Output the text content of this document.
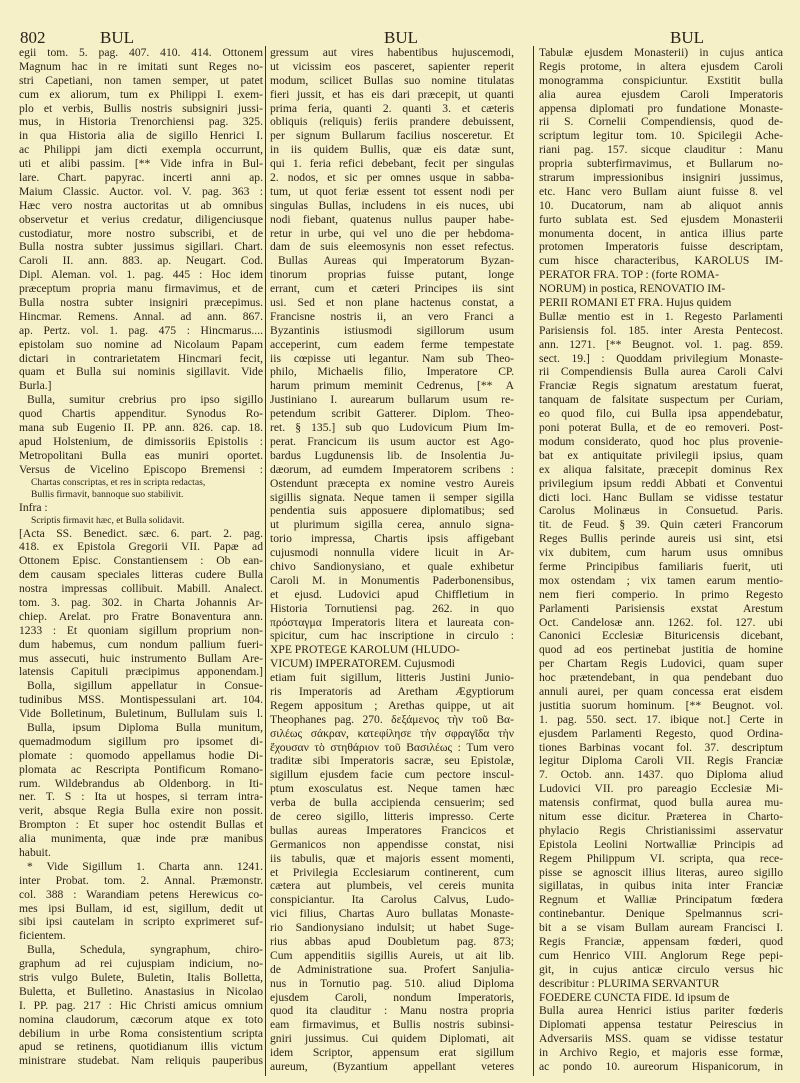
802	BUL	BUL	BUL
egii tom. 5. pag. 407. 410. 414. Ottonem
Magnum hac in re imitati sunt Reges no-
stri Capetiani, non tamen semper, ut patet
cum ex aliorum, tum ex Philippi I. exem-
plo et verbis, Bullis nostris subsigniri jussi-
mus, in Historia Trenorchiensi pag. 325.
in qua Historia alia de sigillo Henrici I.
ac Philippi jam dicti exempla occurrunt,
uti et alibi passim. [** Vide infra in Bul-
lare. Chart. papyrac. incerti anni ap.
Maium Classic. Auctor. vol. V. pag. 363 :
Hæc vero nostra auctoritas ut ab omnibus
observetur et verius credatur, diligenciusque
custodiatur, more nostro subscribi, et de
Bulla nostra subter jussimus sigillari. Chart.
Caroli II. ann. 883. ap. Neugart. Cod.
Dipl. Aleman. vol. 1. pag. 445 : Hoc idem
præceptum propria manu firmavimus, et de
Bulla nostra subter insigniri præcepimus.
Hincmar. Remens. Annal. ad ann. 867.
ap. Pertz. vol. 1. pag. 475 : Hincmarus....
epistolam suo nomine ad Nicolaum Papam
dictari in contrarietatem Hincmari fecit,
quam et Bulla sui nominis sigillavit. Vide
Burla.]
Bulla, sumitur crebrius pro ipso sigillo
quod Chartis appenditur. Synodus Ro-
mana sub Eugenio II. PP. ann. 826. cap. 18.
apud Holstenium, de dimissoriis Epistolis :
Metropolitani Bulla eas muniri oportet.
Versus de Vicelino Episcopo Bremensi :
Chartas conscriptas, et res in scripta redactas,
Bullis firmavit, bannoque suo stabilivit.
Infra :
Scriptis firmavit hæc, et Bulla solidavit.
[Acta SS. Benedict. sæc. 6. part. 2. pag.
418. ex Epistola Gregorii VII. Papæ ad
Ottonem Episc. Constantiensem : Ob ean-
dem causam speciales litteras cudere Bulla
nostra impressas collibuit. Mabill. Analect.
tom. 3. pag. 302. in Charta Johannis Ar-
chiep. Arelat. pro Fratre Bonaventura ann.
1233 : Et quoniam sigillum proprium non-
dum habemus, cum nondum pallium fueri-
mus assecuti, huic instrumento Bullam Are-
latensis Capituli præcipimus apponendam.]
Bolla, sigillum appellatur in Consue-
tudinibus MSS. Montispessulani art. 104.
Vide Bolletinum, Buletinum, Bullulam suis l.
Bulla, ipsum Diploma Bulla munitum,
quemadmodum sigillum pro ipsomet di-
plomate : quomodo appellamus hodie Di-
plomata ac Rescripta Pontificum Romano-
rum. Wildebrandus ab Oldenborg. in Iti-
ner. T. S : Ita ut hospes, si terram intra-
verit, absque Regia Bulla exire non possit.
Brompton : Et super hoc ostendit Bullas et
alia munimenta, quæ inde præ manibus
habuit.
* Vide Sigillum 1. Charta ann. 1241.
inter Probat. tom. 2. Annal. Præmonstr.
col. 388 : Warandiam petens Herewicus co-
mes ipsi Bullam, id est, sigillum, dedit ut
sibi ipsi cautelam in scripto exprimeret suf-
ficientem.
Bulla, Schedula, syngraphum, chiro-
graphum ad rei cujuspiam indicium, no-
stris vulgo Bulete, Buletin, Italis Bolletta,
Buletta, et Bulletino. Anastasius in Nicolao
I. PP. pag. 217 : Hic Christi amicus omnium
nomina claudorum, cæcorum atque ex toto
debilium in urbe Roma consistentium scripta
apud se retinens, quotidianum illis victum
ministrare studebat. Nam reliquis pauperibus
gressum aut vires habentibus hujuscemodi,
ut vicissim eos pasceret, sapienter reperit
modum, scilicet Bullas suo nomine titulatas
fieri jussit, et has eis dari præcepit, ut quanti
prima feria, quanti 2. quanti 3. et cæteris
obliquis (reliquis) feriis prandere debuissent,
per signum Bullarum facilius nosceretur. Et
in iis quidem Bullis, quæ eis datæ sunt,
qui 1. feria refici debebant, fecit per singulas
2. nodos, et sic per omnes usque in sabba-
tum, ut quot feriæ essent tot essent nodi per
singulas Bullas, includens in eis nuces, ubi
nodi fiebant, quatenus nullus pauper habe-
retur in urbe, qui vel uno die per hebdoma-
dam de suis eleemosynis non esset refectus.
Bullas Aureas qui Imperatorum Byzan-
tinorum proprias fuisse putant, longe
errant, cum et cæteri Principes iis sint
usi. Sed et non plane hactenus constat, a
Francisne nostris ii, an vero Franci a
Byzantinis istiusmodi sigillorum usum
acceperint, cum eadem ferme tempestate
iis cœpisse uti legantur. Nam sub Theo-
philo, Michaelis filio, Imperatore CP.
harum primum meminit Cedrenus, [** A
Justiniano I. aurearum bullarum usum re-
petendum scribit Gatterer. Diplom. Theo-
ret. § 135.] sub quo Ludovicum Pium Im-
perat. Francicum iis usum auctor est Ago-
bardus Lugdunensis lib. de Insolentia Ju-
dæorum, ad eumdem Imperatorem scribens :
Ostendunt præcepta ex nomine vestro Aureis
sigillis signata. Neque tamen ii semper sigilla
pendentia suis apposuere diplomatibus; sed
ut plurimum sigilla cerea, annulo signa-
torio impressa, Chartis ipsis affigebant
cujusmodi nonnulla videre licuit in Ar-
chivo Sandionysiano, et quale exhibetur
Caroli M. in Monumentis Paderbonensibus,
et ejusd. Ludovici apud Chiffletium in
Historia Tornutiensi pag. 262. in quo
πρόσταγμα Imperatoris litera et laureata con-
spicitur, cum hac inscriptione in circulo :
XPE PROTEGE KAROLUM (HLUDO-
VICUM) IMPERATOREM. Cujusmodi
etiam fuit sigillum, litteris Justini Junio-
ris Imperatoris ad Aretham Ægyptiorum
Regem appositum ; Arethas quippe, ut ait
Theophanes pag. 270. δεξάμενος τὴν τοῦ Βα-
σιλέως σάκραν, κατεφίλησε τὴν σφραγῖδα τὴν
ἔχουσαν τὸ στηθάριον τοῦ Βασιλέως : Tum vero
traditæ sibi Imperatoris sacræ, seu Epistolæ,
sigillum ejusdem facie cum pectore inscul-
ptum exosculatus est. Neque tamen hæc
verba de bulla accipienda censuerim; sed
de cereo sigillo, litteris impresso. Certe
bullas aureas Imperatores Francicos et
Germanicos non appendisse constat, nisi
iis tabulis, quæ et majoris essent momenti,
et Privilegia Ecclesiarum continerent, cum
cætera aut plumbeis, vel cereis munita
conspiciantur. Ita Carolus Calvus, Ludo-
vici filius, Chartas Auro bullatas Monaste-
rio Sandionysiano indulsit; ut habet Suge-
rius abbas apud Doubletum pag. 873;
Cum appenditiis sigillis Aureis, ut ait lib.
de Administratione sua. Profert Sanjulia-
nus in Tornutio pag. 510. aliud Diploma
ejusdem Caroli, nondum Imperatoris,
quod ita clauditur : Manu nostra propria
eam firmavimus, et Bullis nostris subinsi-
gniri jussimus. Cui quidem Diplomati, ait
idem Scriptor, appensum erat sigillum
aureum, (Byzantium appellant veteres
Tabulæ ejusdem Monasterii) in cujus antica
Regis protome, in altera ejusdem Caroli
monogramma conspiciuntur. Exstitit bulla
alia aurea ejusdem Caroli Imperatoris
appensa diplomati pro fundatione Monaste-
rii S. Cornelii Compendiensis, quod de-
scriptum legitur tom. 10. Spicilegii Ache-
riani pag. 157. sicque clauditur : Manu
propria subterfirmavimus, et Bullarum no-
strarum impressionibus insigniri jussimus,
etc. Hanc vero Bullam aiunt fuisse 8. vel
10. Ducatorum, nam ab aliquot annis
furto sublata est. Sed ejusdem Monasterii
monumenta docent, in antica illius parte
protomen Imperatoris fuisse descriptam,
cum hisce characteribus, KAROLUS IM-
PERATOR FRA. TOP : (forte ROMA-
NORUM) in postica, RENOVATIO IM-
PERII ROMANI ET FRA. Hujus quidem
Bullæ mentio est in 1. Regesto Parlamenti
Parisiensis fol. 185. inter Aresta Pentecost.
ann. 1271. [** Beugnot. vol. 1. pag. 859.
sect. 19.] : Quoddam privilegium Monaste-
rii Compendiensis Bulla aurea Caroli Calvi
Franciæ Regis signatum arestatum fuerat,
tanquam de falsitate suspectum per Curiam,
eo quod filo, cui Bulla ipsa appendebatur,
poni poterat Bulla, et de eo removeri. Post-
modum considerato, quod hoc plus provenie-
bat ex antiquitate privilegii ipsius, quam
ex aliqua falsitate, præcepit dominus Rex
privilegium ipsum reddi Abbati et Conventui
dicti loci. Hanc Bullam se vidisse testatur
Carolus Molinæus in Consuetud. Paris.
tit. de Feud. § 39. Quin cæteri Francorum
Reges Bullis perinde aureis usi sint, etsi
vix dubitem, cum harum usus omnibus
ferme Principibus familiaris fuerit, uti
mox ostendam ; vix tamen earum mentio-
nem fieri comperio. In primo Regesto
Parlamenti Parisiensis exstat Arestum
Oct. Candelosæ ann. 1262. fol. 127. ubi
Canonici Ecclesiæ Bituricensis dicebant,
quod ad eos pertinebat justitia de homine
per Chartam Regis Ludovici, quam super
hoc prætendebant, in qua pendebant duo
annuli aurei, per quam concessa erat eisdem
justitia suorum hominum. [** Beugnot. vol.
1. pag. 550. sect. 17. ibique not.] Certe in
ejusdem Parlamenti Regesto, quod Ordina-
tiones Barbinas vocant fol. 37. descriptum
legitur Diploma Caroli VII. Regis Franciæ
7. Octob. ann. 1437. quo Diploma aliud
Ludovici VII. pro pareagio Ecclesiæ Mi-
matensis confirmat, quod bulla aurea mu-
nitum esse dicitur. Præterea in Charto-
phylacio Regis Christianissimi asservatur
Epistola Leolini Nortwalliæ Principis ad
Regem Philippum VI. scripta, qua rece-
pisse se agnoscit illius literas, aureo sigillo
sigillatas, in quibus inita inter Franciæ
Regnum et Walliæ Principatum fœdera
continebantur. Denique Spelmannus scri-
bit a se visam Bullam auream Francisci I.
Regis Franciæ, appensam fœderi, quod
cum Henrico VIII. Anglorum Rege pepi-
git, in cujus anticæ circulo versus hic
describitur : PLURIMA SERVANTUR
FOEDERE CUNCTA FIDE. Id ipsum de
Bulla aurea Henrici istius pariter fœderis
Diplomati appensa testatur Peirescius in
Adversariis MSS. quam se vidisse testatur
in Archivo Regio, et majoris esse formæ,
ac pondo 10. aureorum Hispanicorum, in
